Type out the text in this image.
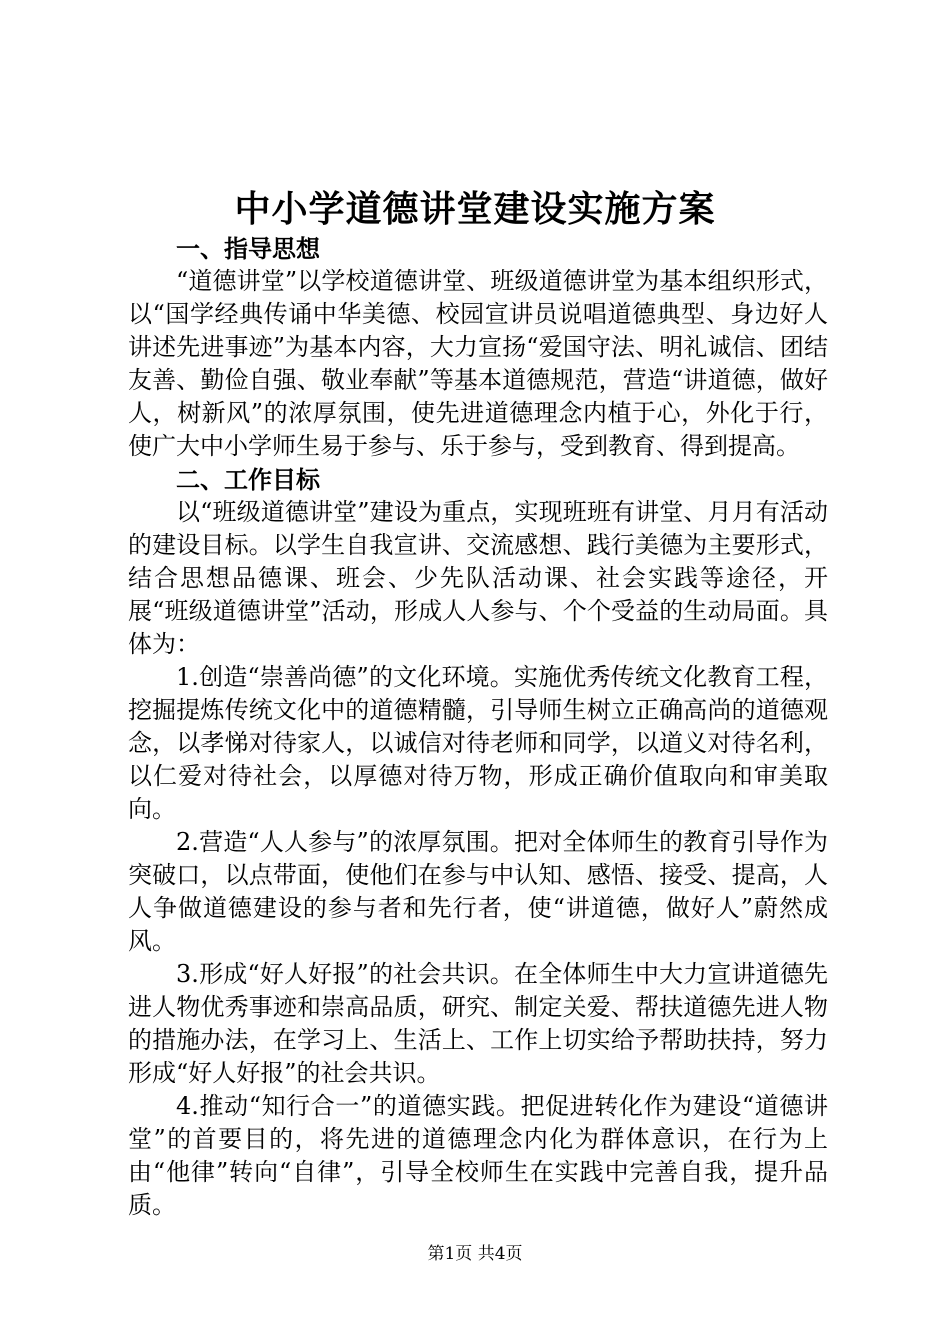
中小学道德讲堂建设实施方案

一、指导思想

“道德讲堂”以学校道德讲堂、班级道德讲堂为基本组织形式，以“国学经典传诵中华美德、校园宣讲员说唱道德典型、身边好人讲述先进事迹”为基本内容，大力宣扬“爱国守法、明礼诚信、团结友善、勤俭自强、敬业奉献”等基本道德规范，营造“讲道德，做好人，树新风”的浓厚氛围，使先进道德理念内植于心，外化于行，使广大中小学师生易于参与、乐于参与，受到教育、得到提高。

二、工作目标

以“班级道德讲堂”建设为重点，实现班班有讲堂、月月有活动的建设目标。以学生自我宣讲、交流感想、践行美德为主要形式，结合思想品德课、班会、少先队活动课、社会实践等途径，开展“班级道德讲堂”活动，形成人人参与、个个受益的生动局面。具体为：

1.创造“崇善尚德”的文化环境。实施优秀传统文化教育工程，挖掘提炼传统文化中的道德精髓，引导师生树立正确高尚的道德观念，以孝悌对待家人，以诚信对待老师和同学，以道义对待名利，以仁爱对待社会，以厚德对待万物，形成正确价值取向和审美取向。

2.营造“人人参与”的浓厚氛围。把对全体师生的教育引导作为突破口，以点带面，使他们在参与中认知、感悟、接受、提高，人人争做道德建设的参与者和先行者，使“讲道德，做好人”蔚然成风。

3.形成“好人好报”的社会共识。在全体师生中大力宣讲道德先进人物优秀事迹和崇高品质，研究、制定关爱、帮扶道德先进人物的措施办法，在学习上、生活上、工作上切实给予帮助扶持，努力形成“好人好报”的社会共识。

4.推动“知行合一”的道德实践。把促进转化作为建设“道德讲堂”的首要目的，将先进的道德理念内化为群体意识，在行为上由“他律”转向“自律”，引导全校师生在实践中完善自我，提升品质。

第1页 共4页
